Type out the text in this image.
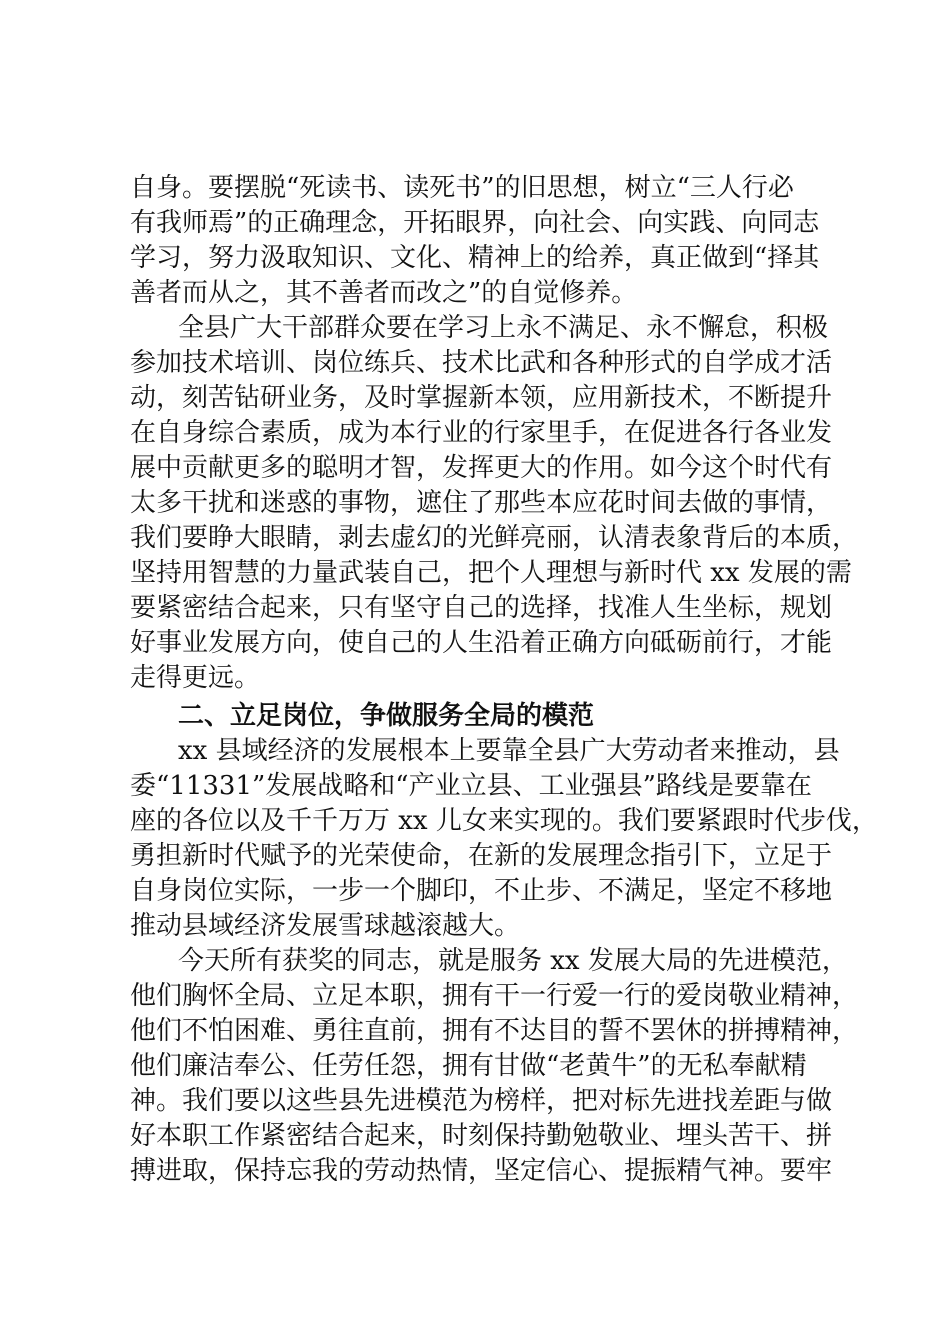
自身。要摆脱“死读书、读死书”的旧思想，树立“三人行必
有我师焉”的正确理念，开拓眼界，向社会、向实践、向同志
学习，努力汲取知识、文化、精神上的给养，真正做到“择其
善者而从之，其不善者而改之”的自觉修养。
全县广大干部群众要在学习上永不满足、永不懈怠，积极
参加技术培训、岗位练兵、技术比武和各种形式的自学成才活
动，刻苦钻研业务，及时掌握新本领，应用新技术，不断提升
在自身综合素质，成为本行业的行家里手，在促进各行各业发
展中贡献更多的聪明才智，发挥更大的作用。如今这个时代有
太多干扰和迷惑的事物，遮住了那些本应花时间去做的事情，
我们要睁大眼睛，剥去虚幻的光鲜亮丽，认清表象背后的本质，
坚持用智慧的力量武装自己，把个人理想与新时代 xx 发展的需
要紧密结合起来，只有坚守自己的选择，找准人生坐标，规划
好事业发展方向，使自己的人生沿着正确方向砥砺前行，才能
走得更远。
二、立足岗位，争做服务全局的模范
xx 县域经济的发展根本上要靠全县广大劳动者来推动，县
委“11331”发展战略和“产业立县、工业强县”路线是要靠在
座的各位以及千千万万 xx 儿女来实现的。我们要紧跟时代步伐，
勇担新时代赋予的光荣使命，在新的发展理念指引下，立足于
自身岗位实际，一步一个脚印，不止步、不满足，坚定不移地
推动县域经济发展雪球越滚越大。
今天所有获奖的同志，就是服务 xx 发展大局的先进模范，
他们胸怀全局、立足本职，拥有干一行爱一行的爱岗敬业精神，
他们不怕困难、勇往直前，拥有不达目的誓不罢休的拼搏精神，
他们廉洁奉公、任劳任怨，拥有甘做“老黄牛”的无私奉献精
神。我们要以这些县先进模范为榜样，把对标先进找差距与做
好本职工作紧密结合起来，时刻保持勤勉敬业、埋头苦干、拼
搏进取，保持忘我的劳动热情，坚定信心、提振精气神。要牢
